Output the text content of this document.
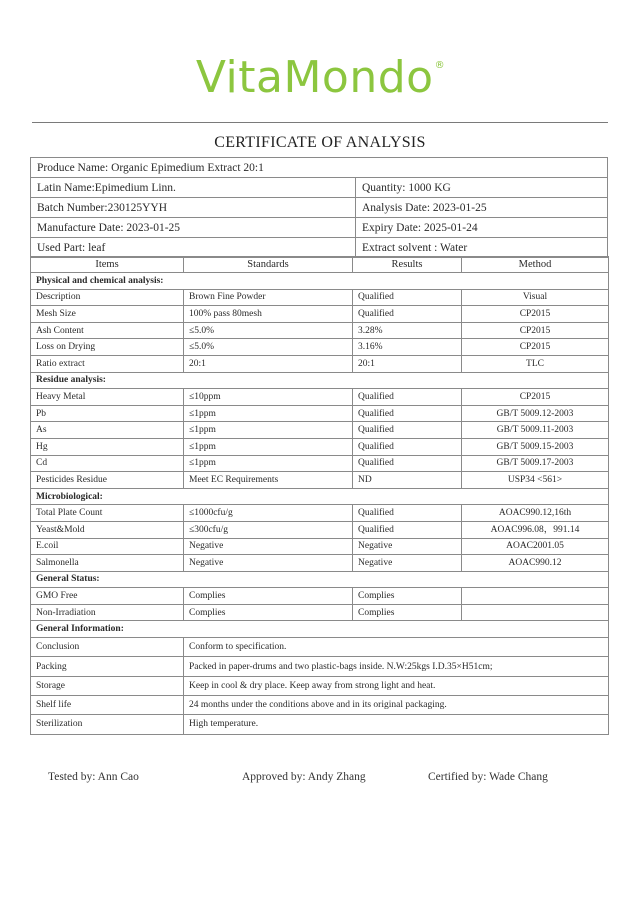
VitaMondo®
CERTIFICATE OF ANALYSIS
Produce Name: Organic Epimedium Extract 20:1	
Latin Name:Epimedium Linn.	Quantity: 1000 KG
Batch Number:230125YYH	Analysis Date: 2023-01-25
Manufacture Date: 2023-01-25	Expiry Date: 2025-01-24
Used Part: leaf	Extract solvent : Water
Items	Standards	Results	Method
Physical and chemical analysis:			
Description	Brown Fine Powder	Qualified	Visual
Mesh Size	100% pass 80mesh	Qualified	CP2015
Ash Content	≤5.0%	3.28%	CP2015
Loss on Drying	≤5.0%	3.16%	CP2015
Ratio extract	20:1	20:1	TLC
Residue analysis:			
Heavy Metal	≤10ppm	Qualified	CP2015
Pb	≤1ppm	Qualified	GB/T 5009.12-2003
As	≤1ppm	Qualified	GB/T 5009.11-2003
Hg	≤1ppm	Qualified	GB/T 5009.15-2003
Cd	≤1ppm	Qualified	GB/T 5009.17-2003
Pesticides Residue	Meet EC Requirements	ND	USP34 <561>
Microbiological:			
Total Plate Count	≤1000cfu/g	Qualified	AOAC990.12,16th
Yeast&Mold	≤300cfu/g	Qualified	AOAC996.08，991.14
E.coil	Negative	Negative	AOAC2001.05
Salmonella	Negative	Negative	AOAC990.12
General Status:			
GMO Free	Complies	Complies	
Non-Irradiation	Complies	Complies	
General Information:			
Conclusion	Conform to specification.		
Packing	Packed in paper-drums and two plastic-bags inside. N.W:25kgs I.D.35×H51cm;		
Storage	Keep in cool & dry place. Keep away from strong light and heat.		
Shelf life	24 months under the conditions above and in its original packaging.		
Sterilization	High temperature.		
Tested by: Ann Cao	Approved by: Andy Zhang	Certified by: Wade Chang
